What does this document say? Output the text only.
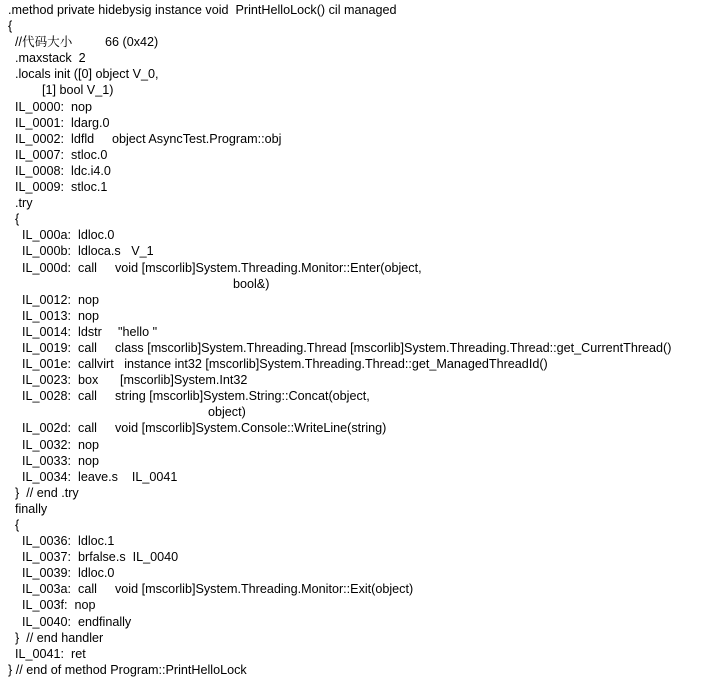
.method private hidebysig instance void  PrintHelloLock() cil managed
{
//代码大小	66 (0x42)
.maxstack  2
.locals init ([0] object V_0,
[1] bool V_1)
IL_0000:  nop
IL_0001:  ldarg.0
IL_0002:  ldfld object AsyncTest.Program::obj
IL_0007:  stloc.0
IL_0008:  ldc.i4.0
IL_0009:  stloc.1
.try
{
IL_000a:  ldloc.0
IL_000b:  ldloca.s   V_1
IL_000d:  call void [mscorlib]System.Threading.Monitor::Enter(object,
bool&)
IL_0012:  nop
IL_0013:  nop
IL_0014:  ldstr "hello "
IL_0019:  call class [mscorlib]System.Threading.Thread [mscorlib]System.Threading.Thread::get_CurrentThread()
IL_001e:  callvirt   instance int32 [mscorlib]System.Threading.Thread::get_ManagedThreadId()
IL_0023:  box [mscorlib]System.Int32
IL_0028:  call string [mscorlib]System.String::Concat(object,
object)
IL_002d:  call void [mscorlib]System.Console::WriteLine(string)
IL_0032:  nop
IL_0033:  nop
IL_0034:  leave.s    IL_0041
}  // end .try
finally
{
IL_0036:  ldloc.1
IL_0037:  brfalse.s  IL_0040
IL_0039:  ldloc.0
IL_003a:  call void [mscorlib]System.Threading.Monitor::Exit(object)
IL_003f:  nop
IL_0040:  endfinally
}  // end handler
IL_0041:  ret
} // end of method Program::PrintHelloLock
